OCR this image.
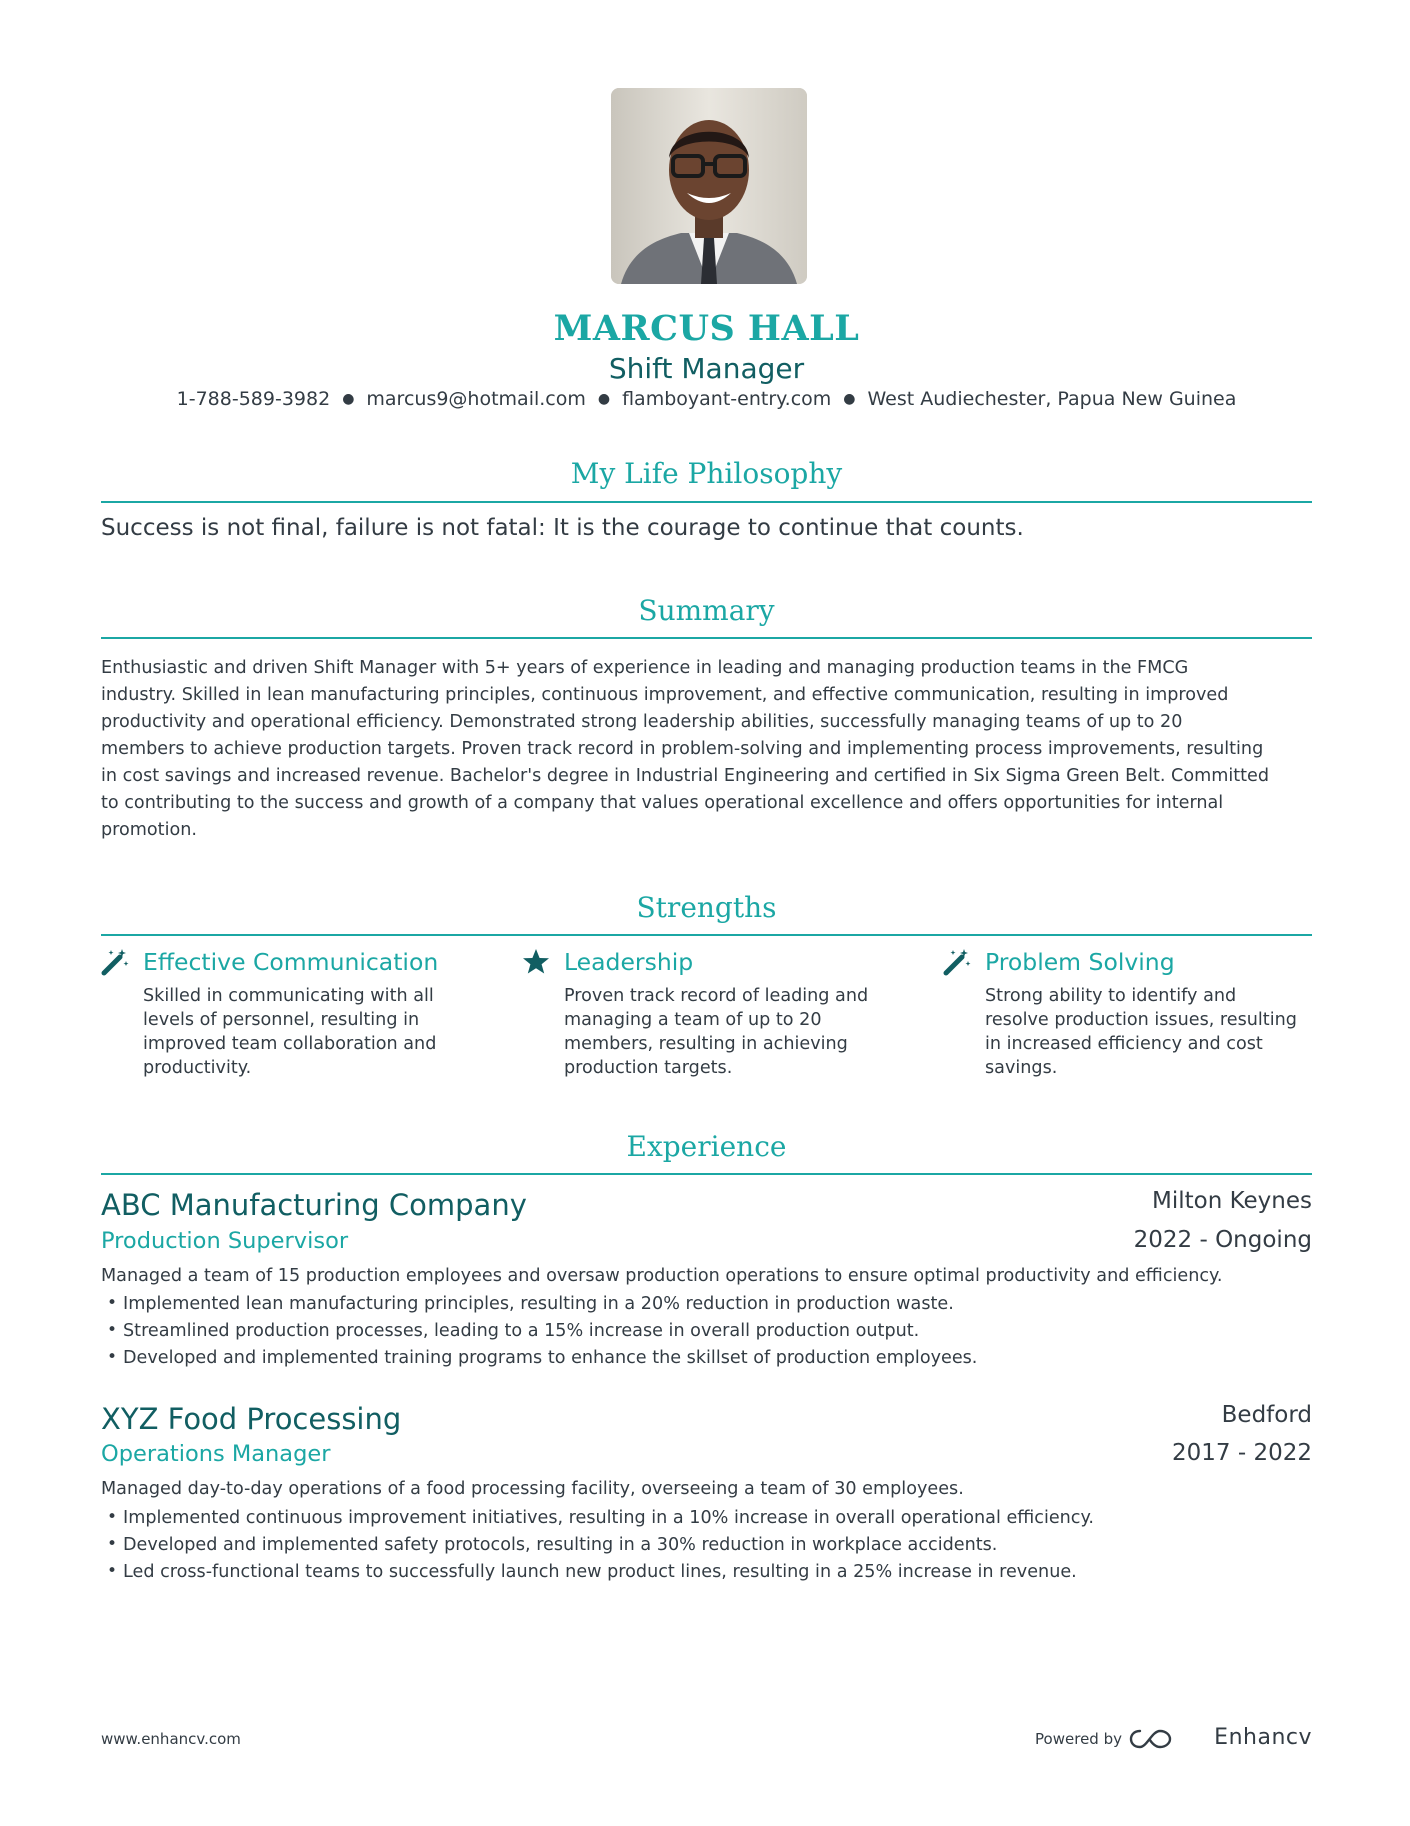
MARCUS HALL
Shift Manager
1-788-589-3982 ● marcus9@hotmail.com ● flamboyant-entry.com ● West Audiechester, Papua New Guinea
My Life Philosophy
Success is not final, failure is not fatal: It is the courage to continue that counts.
Summary
Enthusiastic and driven Shift Manager with 5+ years of experience in leading and managing production teams in the FMCG
industry. Skilled in lean manufacturing principles, continuous improvement, and effective communication, resulting in improved
productivity and operational efficiency. Demonstrated strong leadership abilities, successfully managing teams of up to 20
members to achieve production targets. Proven track record in problem-solving and implementing process improvements, resulting
in cost savings and increased revenue. Bachelor's degree in Industrial Engineering and certified in Six Sigma Green Belt. Committed
to contributing to the success and growth of a company that values operational excellence and offers opportunities for internal
promotion.
Strengths
Effective Communication
Skilled in communicating with all
levels of personnel, resulting in
improved team collaboration and
productivity.
Leadership
Proven track record of leading and
managing a team of up to 20
members, resulting in achieving
production targets.
Problem Solving
Strong ability to identify and
resolve production issues, resulting
in increased efficiency and cost
savings.
Experience
ABC Manufacturing Company	Milton Keynes
Production Supervisor	2022 - Ongoing
Managed a team of 15 production employees and oversaw production operations to ensure optimal productivity and efficiency.
• Implemented lean manufacturing principles, resulting in a 20% reduction in production waste.
• Streamlined production processes, leading to a 15% increase in overall production output.
• Developed and implemented training programs to enhance the skillset of production employees.
XYZ Food Processing	Bedford
Operations Manager	2017 - 2022
Managed day-to-day operations of a food processing facility, overseeing a team of 30 employees.
• Implemented continuous improvement initiatives, resulting in a 10% increase in overall operational efficiency.
• Developed and implemented safety protocols, resulting in a 30% reduction in workplace accidents.
• Led cross-functional teams to successfully launch new product lines, resulting in a 25% increase in revenue.
www.enhancv.com	Powered by	Enhancv
